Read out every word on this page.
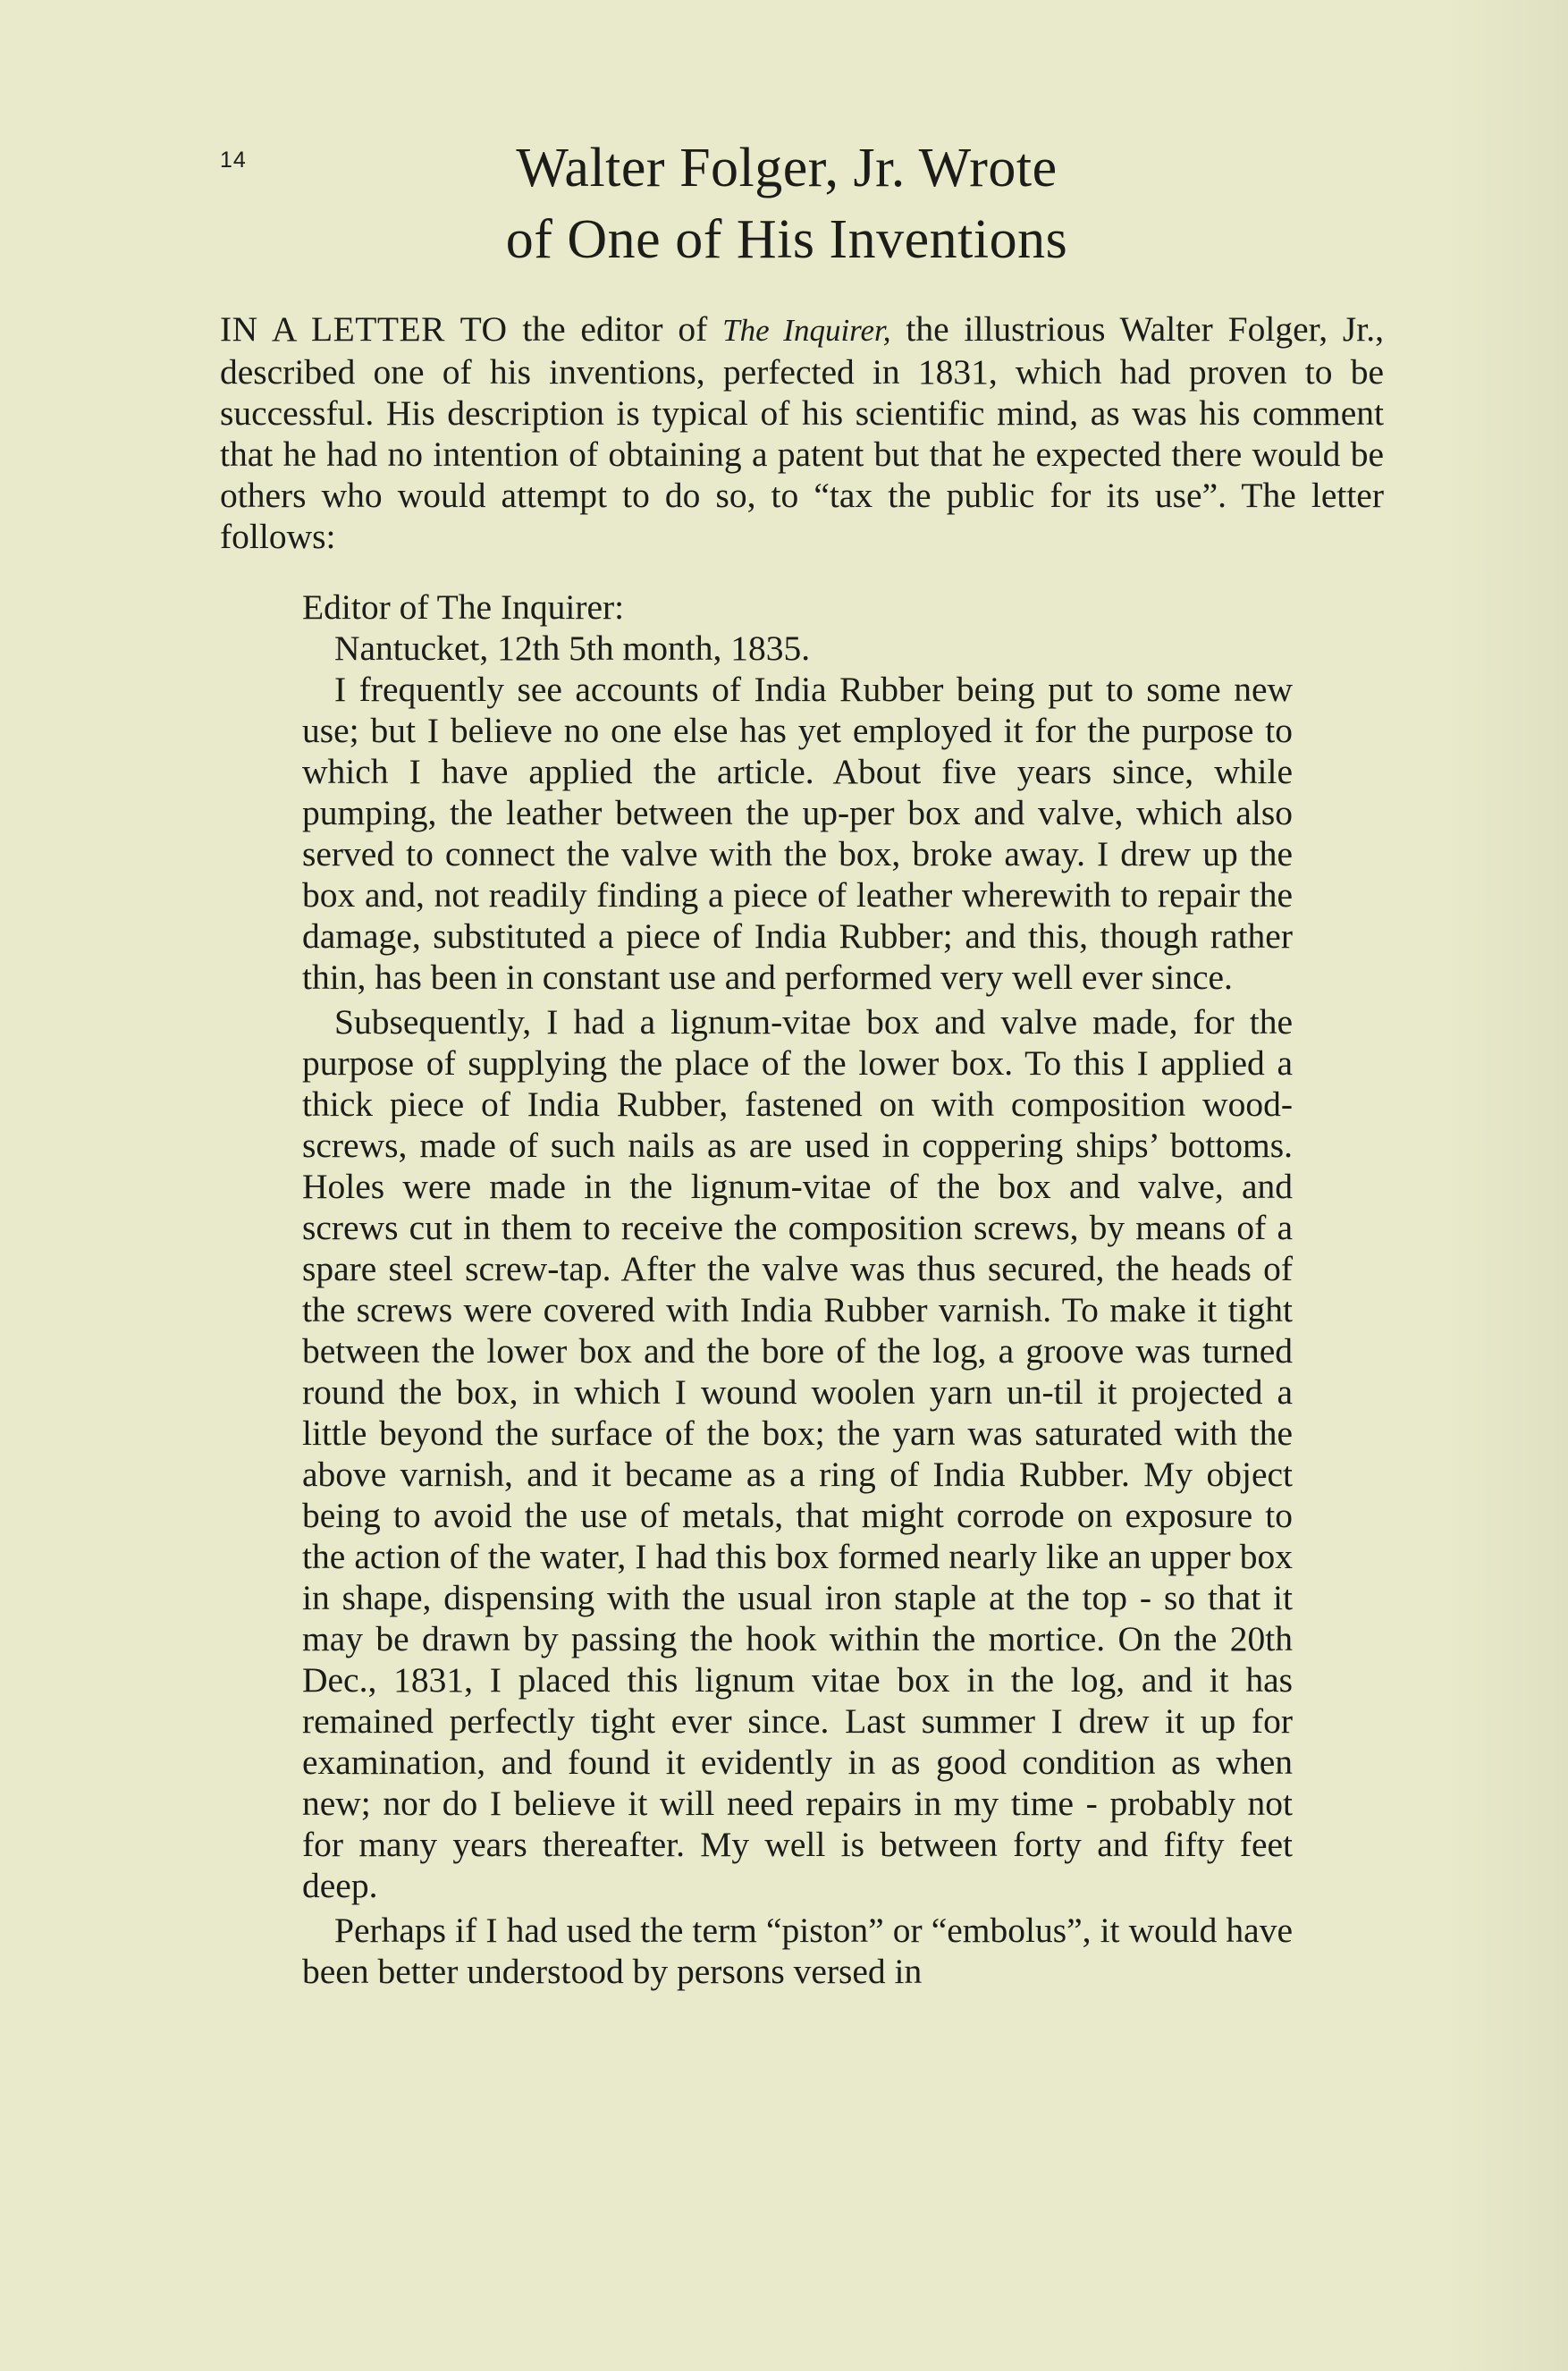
14	Walter Folger, Jr. Wrote
of One of His Inventions

IN A LETTER TO the editor of The Inquirer, the illustrious Walter Folger, Jr., described one of his inventions, perfected in 1831, which had proven to be successful. His description is typical of his scientific mind, as was his comment that he had no intention of obtaining a patent but that he expected there would be others who would attempt to do so, to “tax the public for its use”. The letter follows:

Editor of The Inquirer:

Nantucket, 12th 5th month, 1835.

I frequently see accounts of India Rubber being put to some new use; but I believe no one else has yet employed it for the purpose to which I have applied the article. About five years since, while pumping, the leather between the up-per box and valve, which also served to connect the valve with the box, broke away. I drew up the box and, not readily finding a piece of leather wherewith to repair the damage, substituted a piece of India Rubber; and this, though rather thin, has been in constant use and performed very well ever since.

Subsequently, I had a lignum-vitae box and valve made, for the purpose of supplying the place of the lower box. To this I applied a thick piece of India Rubber, fastened on with composition wood-screws, made of such nails as are used in coppering ships’ bottoms. Holes were made in the lignum-vitae of the box and valve, and screws cut in them to receive the composition screws, by means of a spare steel screw-tap. After the valve was thus secured, the heads of the screws were covered with India Rubber varnish. To make it tight between the lower box and the bore of the log, a groove was turned round the box, in which I wound woolen yarn un-til it projected a little beyond the surface of the box; the yarn was saturated with the above varnish, and it became as a ring of India Rubber. My object being to avoid the use of metals, that might corrode on exposure to the action of the water, I had this box formed nearly like an upper box in shape, dispensing with the usual iron staple at the top - so that it may be drawn by passing the hook within the mortice. On the 20th Dec., 1831, I placed this lignum vitae box in the log, and it has remained perfectly tight ever since. Last summer I drew it up for examination, and found it evidently in as good condition as when new; nor do I believe it will need repairs in my time - probably not for many years thereafter. My well is between forty and fifty feet deep.

Perhaps if I had used the term “piston” or “embolus”, it would have been better understood by persons versed in
